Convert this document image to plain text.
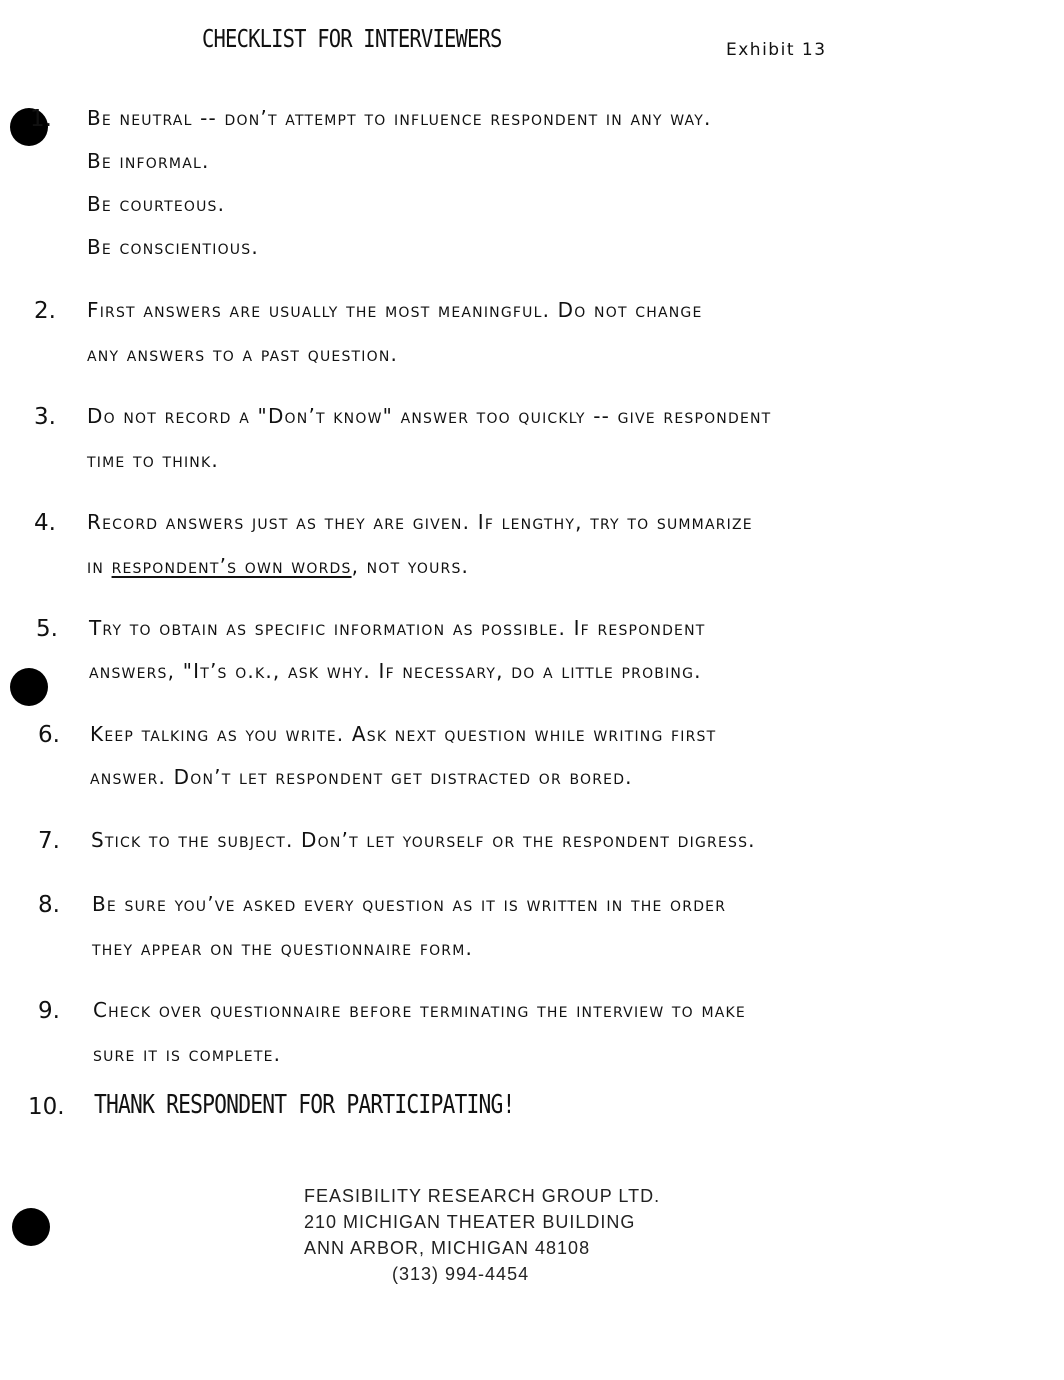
CHECKLIST FOR INTERVIEWERS	Exhibit 13
1. Be neutral -- don’t attempt to influence respondent in any way.
Be informal.
Be courteous.
Be conscientious.
2. First answers are usually the most meaningful. Do not change
any answers to a past question.
3. Do not record a "Don’t know" answer too quickly -- give respondent
time to think.
4. Record answers just as they are given. If lengthy, try to summarize
in respondent’s own words, not yours.
5. Try to obtain as specific information as possible. If respondent
answers, "It’s o.k., ask why. If necessary, do a little probing.
6. Keep talking as you write. Ask next question while writing first
answer. Don’t let respondent get distracted or bored.
7. Stick to the subject. Don’t let yourself or the respondent digress.
8. Be sure you’ve asked every question as it is written in the order
they appear on the questionnaire form.
9. Check over questionnaire before terminating the interview to make
sure it is complete.
10. THANK RESPONDENT FOR PARTICIPATING!
FEASIBILITY RESEARCH GROUP LTD.
210 MICHIGAN THEATER BUILDING
ANN ARBOR, MICHIGAN 48108
(313) 994-4454
